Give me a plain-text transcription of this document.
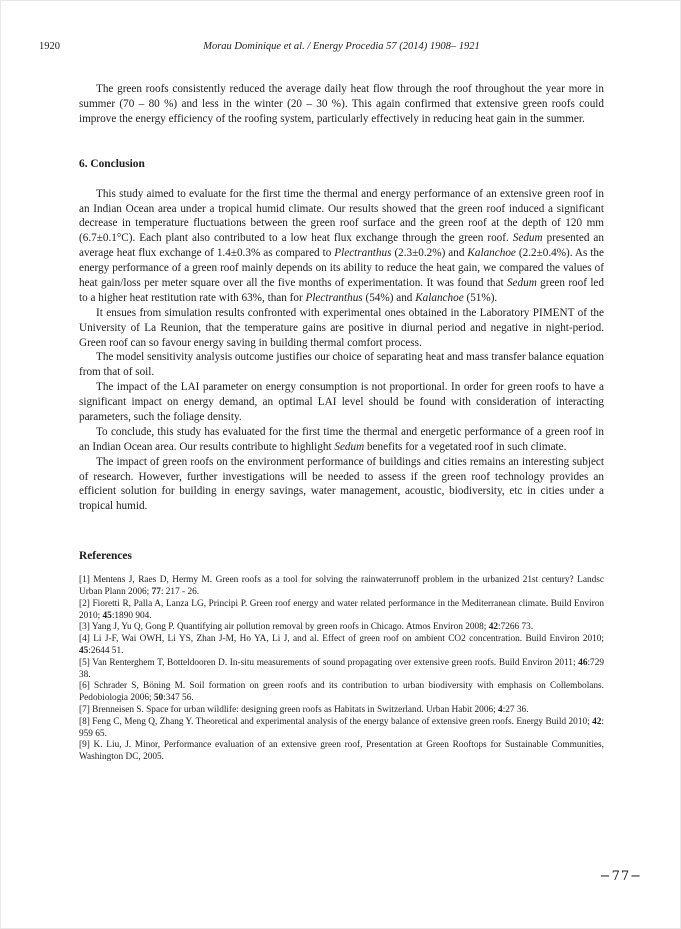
1920	Morau Dominique et al. / Energy Procedia 57 (2014) 1908– 1921

The green roofs consistently reduced the average daily heat flow through the roof throughout the year more in summer (70 – 80 %) and less in the winter (20 – 30 %). This again confirmed that extensive green roofs could improve the energy efficiency of the roofing system, particularly effectively in reducing heat gain in the summer.

6. Conclusion

This study aimed to evaluate for the first time the thermal and energy performance of an extensive green roof in an Indian Ocean area under a tropical humid climate. Our results showed that the green roof induced a significant decrease in temperature fluctuations between the green roof surface and the green roof at the depth of 120 mm (6.7±0.1°C). Each plant also contributed to a low heat flux exchange through the green roof. Sedum presented an average heat flux exchange of 1.4±0.3% as compared to Plectranthus (2.3±0.2%) and Kalanchoe (2.2±0.4%). As the energy performance of a green roof mainly depends on its ability to reduce the heat gain, we compared the values of heat gain/loss per meter square over all the five months of experimentation. It was found that Sedum green roof led to a higher heat restitution rate with 63%, than for Plectranthus (54%) and Kalanchoe (51%).

It ensues from simulation results confronted with experimental ones obtained in the Laboratory PIMENT of the University of La Reunion, that the temperature gains are positive in diurnal period and negative in night-period. Green roof can so favour energy saving in building thermal comfort process.

The model sensitivity analysis outcome justifies our choice of separating heat and mass transfer balance equation from that of soil.

The impact of the LAI parameter on energy consumption is not proportional. In order for green roofs to have a significant impact on energy demand, an optimal LAI level should be found with consideration of interacting parameters, such the foliage density.

To conclude, this study has evaluated for the first time the thermal and energetic performance of a green roof in an Indian Ocean area. Our results contribute to highlight Sedum benefits for a vegetated roof in such climate.

The impact of green roofs on the environment performance of buildings and cities remains an interesting subject of research. However, further investigations will be needed to assess if the green roof technology provides an efficient solution for building in energy savings, water management, acoustic, biodiversity, etc in cities under a tropical humid.

References

[1] Mentens J, Raes D, Hermy M. Green roofs as a tool for solving the rainwaterrunoff problem in the urbanized 21st century? Landsc Urban Plann 2006; 77: 217 - 26.

[2] Fioretti R, Palla A, Lanza LG, Principi P. Green roof energy and water related performance in the Mediterranean climate. Build Environ 2010; 45:1890 904.

[3] Yang J, Yu Q, Gong P. Quantifying air pollution removal by green roofs in Chicago. Atmos Environ 2008; 42:7266 73.

[4] Li J-F, Wai OWH, Li YS, Zhan J-M, Ho YA, Li J, and al. Effect of green roof on ambient CO2 concentration. Build Environ 2010; 45:2644 51.

[5] Van Renterghem T, Botteldooren D. In-situ measurements of sound propagating over extensive green roofs. Build Environ 2011; 46:729 38.

[6] Schrader S, Böning M. Soil formation on green roofs and its contribution to urban biodiversity with emphasis on Collembolans. Pedobiologia 2006; 50:347 56.

[7] Brenneisen S. Space for urban wildlife: designing green roofs as Habitats in Switzerland. Urban Habit 2006; 4:27 36.

[8] Feng C, Meng Q, Zhang Y. Theoretical and experimental analysis of the energy balance of extensive green roofs. Energy Build 2010; 42: 959 65.

[9] K. Liu, J. Minor, Performance evaluation of an extensive green roof, Presentation at Green Rooftops for Sustainable Communities, Washington DC, 2005.

−77−
